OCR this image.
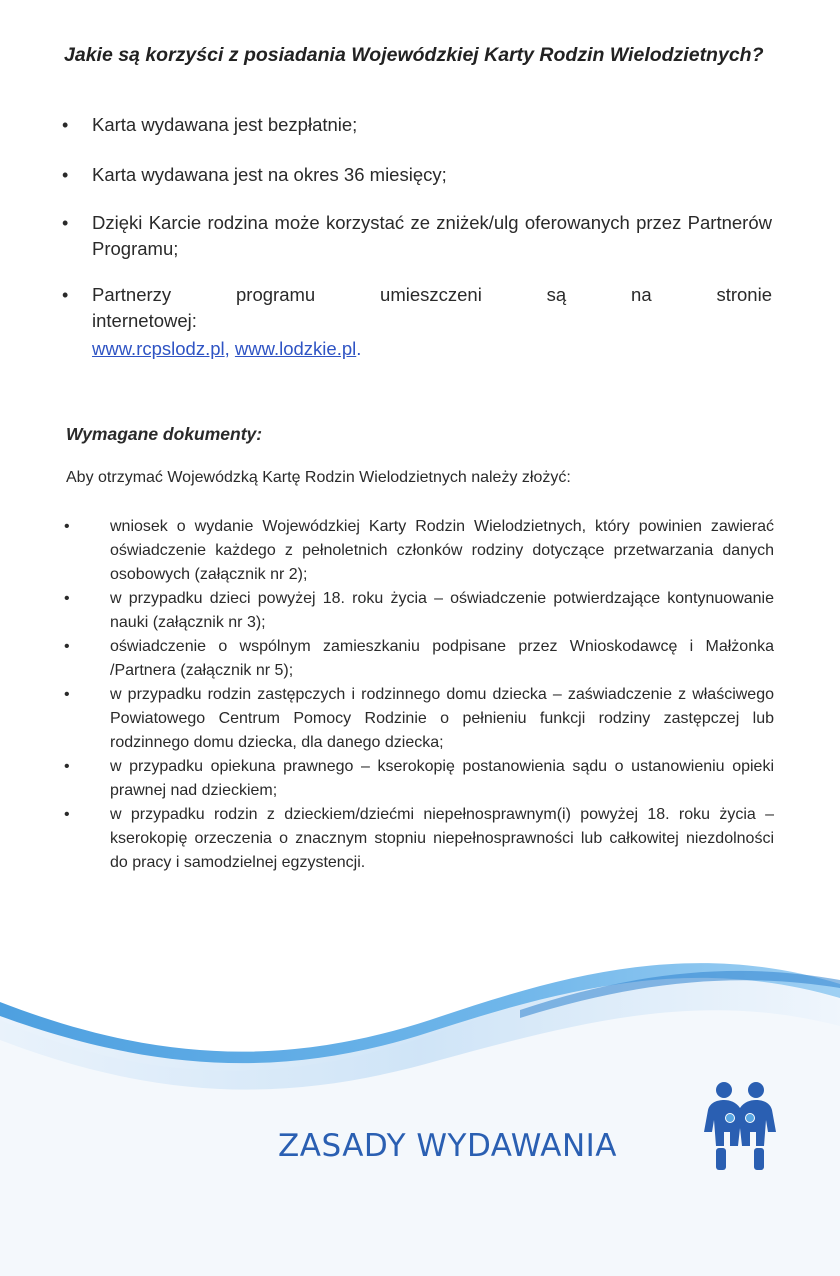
Jakie są korzyści z posiadania Wojewódzkiej Karty Rodzin Wielodzietnych?

• Karta wydawana jest bezpłatnie;
• Karta wydawana jest na okres 36 miesięcy;
• Dzięki Karcie rodzina może korzystać ze zniżek/ulg oferowanych przez Partnerów Programu;
• Partnerzy programu umieszczeni są na stronie internetowej:
www.rcpslodz.pl, www.lodzkie.pl.

Wymagane dokumenty:

Aby otrzymać Wojewódzką Kartę Rodzin Wielodzietnych należy złożyć:

•	wniosek o wydanie Wojewódzkiej Karty Rodzin Wielodzietnych, który powinien zawierać oświadczenie każdego z pełnoletnich członków rodziny dotyczące przetwarzania danych osobowych (załącznik nr 2);
•	w przypadku dzieci powyżej 18. roku życia – oświadczenie potwierdzające kontynuowanie nauki (załącznik nr 3);
•	oświadczenie o wspólnym zamieszkaniu podpisane przez Wnioskodawcę i Małżonka /Partnera (załącznik nr 5);
•	w przypadku rodzin zastępczych i rodzinnego domu dziecka – zaświadczenie z właściwego Powiatowego Centrum Pomocy Rodzinie o pełnieniu funkcji rodziny zastępczej lub rodzinnego domu dziecka, dla danego dziecka;
•	w przypadku opiekuna prawnego – kserokopię postanowienia sądu o ustanowieniu opieki prawnej nad dzieckiem;
•	w przypadku rodzin z dzieckiem/dziećmi niepełnosprawnym(i) powyżej 18. roku życia – kserokopię orzeczenia o znacznym stopniu niepełnosprawności lub całkowitej niezdolności do pracy i samodzielnej egzystencji.

ZASADY WYDAWANIA
